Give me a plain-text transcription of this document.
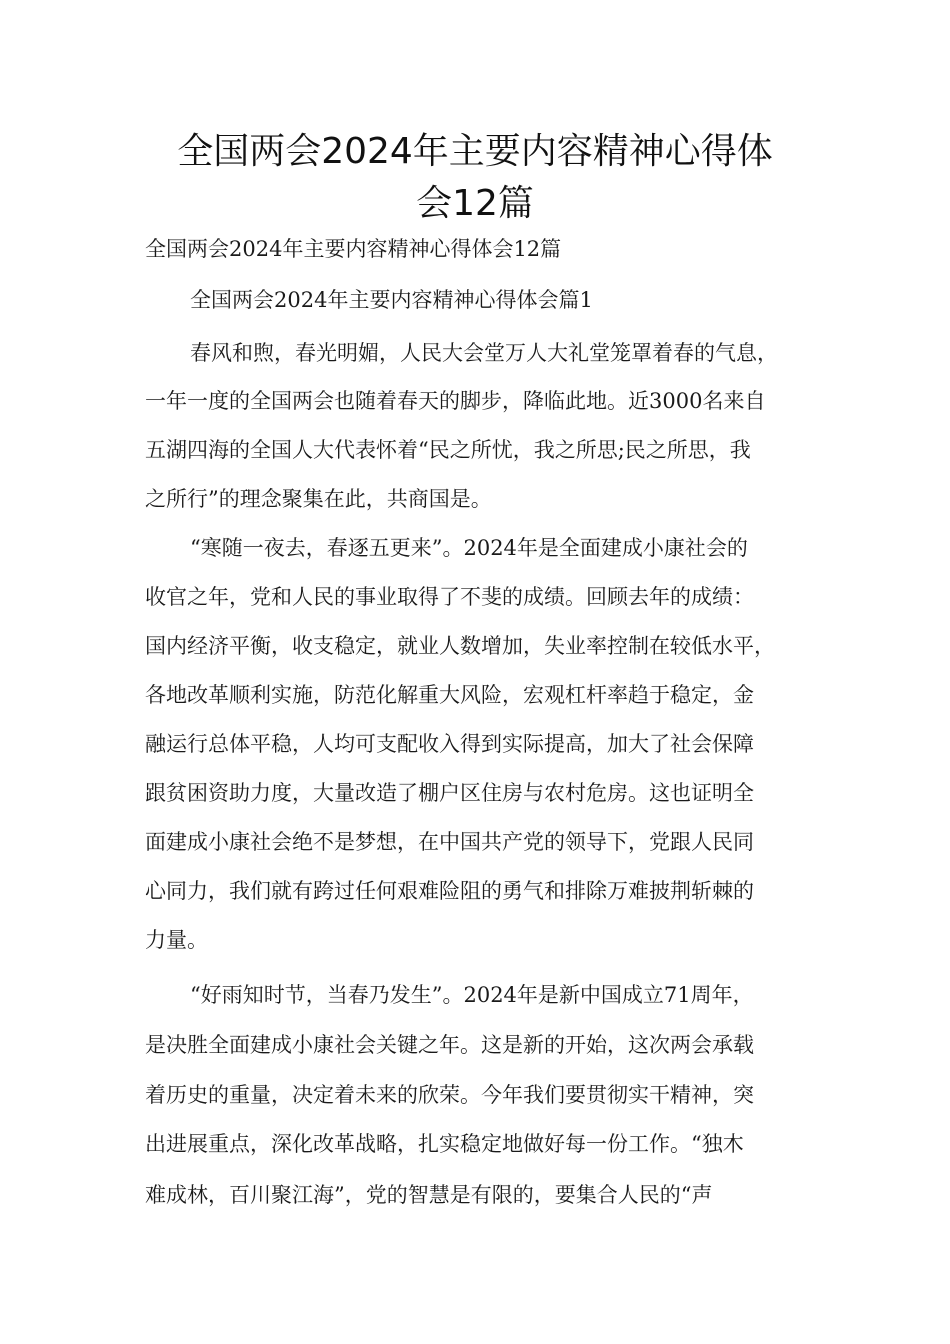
全国两会2024年主要内容精神心得体
会12篇
全国两会2024年主要内容精神心得体会12篇
全国两会2024年主要内容精神心得体会篇1
春风和煦，春光明媚，人民大会堂万人大礼堂笼罩着春的气息，
一年一度的全国两会也随着春天的脚步，降临此地。近3000名来自
五湖四海的全国人大代表怀着“民之所忧，我之所思;民之所思，我
之所行”的理念聚集在此，共商国是。
“寒随一夜去，春逐五更来”。2024年是全面建成小康社会的
收官之年，党和人民的事业取得了不斐的成绩。回顾去年的成绩：
国内经济平衡，收支稳定，就业人数增加，失业率控制在较低水平，
各地改革顺利实施，防范化解重大风险，宏观杠杆率趋于稳定，金
融运行总体平稳，人均可支配收入得到实际提高，加大了社会保障
跟贫困资助力度，大量改造了棚户区住房与农村危房。这也证明全
面建成小康社会绝不是梦想，在中国共产党的领导下，党跟人民同
心同力，我们就有跨过任何艰难险阻的勇气和排除万难披荆斩棘的
力量。
“好雨知时节，当春乃发生”。2024年是新中国成立71周年，
是决胜全面建成小康社会关键之年。这是新的开始，这次两会承载
着历史的重量，决定着未来的欣荣。今年我们要贯彻实干精神，突
出进展重点，深化改革战略，扎实稳定地做好每一份工作。“独木
难成林，百川聚江海”，党的智慧是有限的，要集合人民的“声
